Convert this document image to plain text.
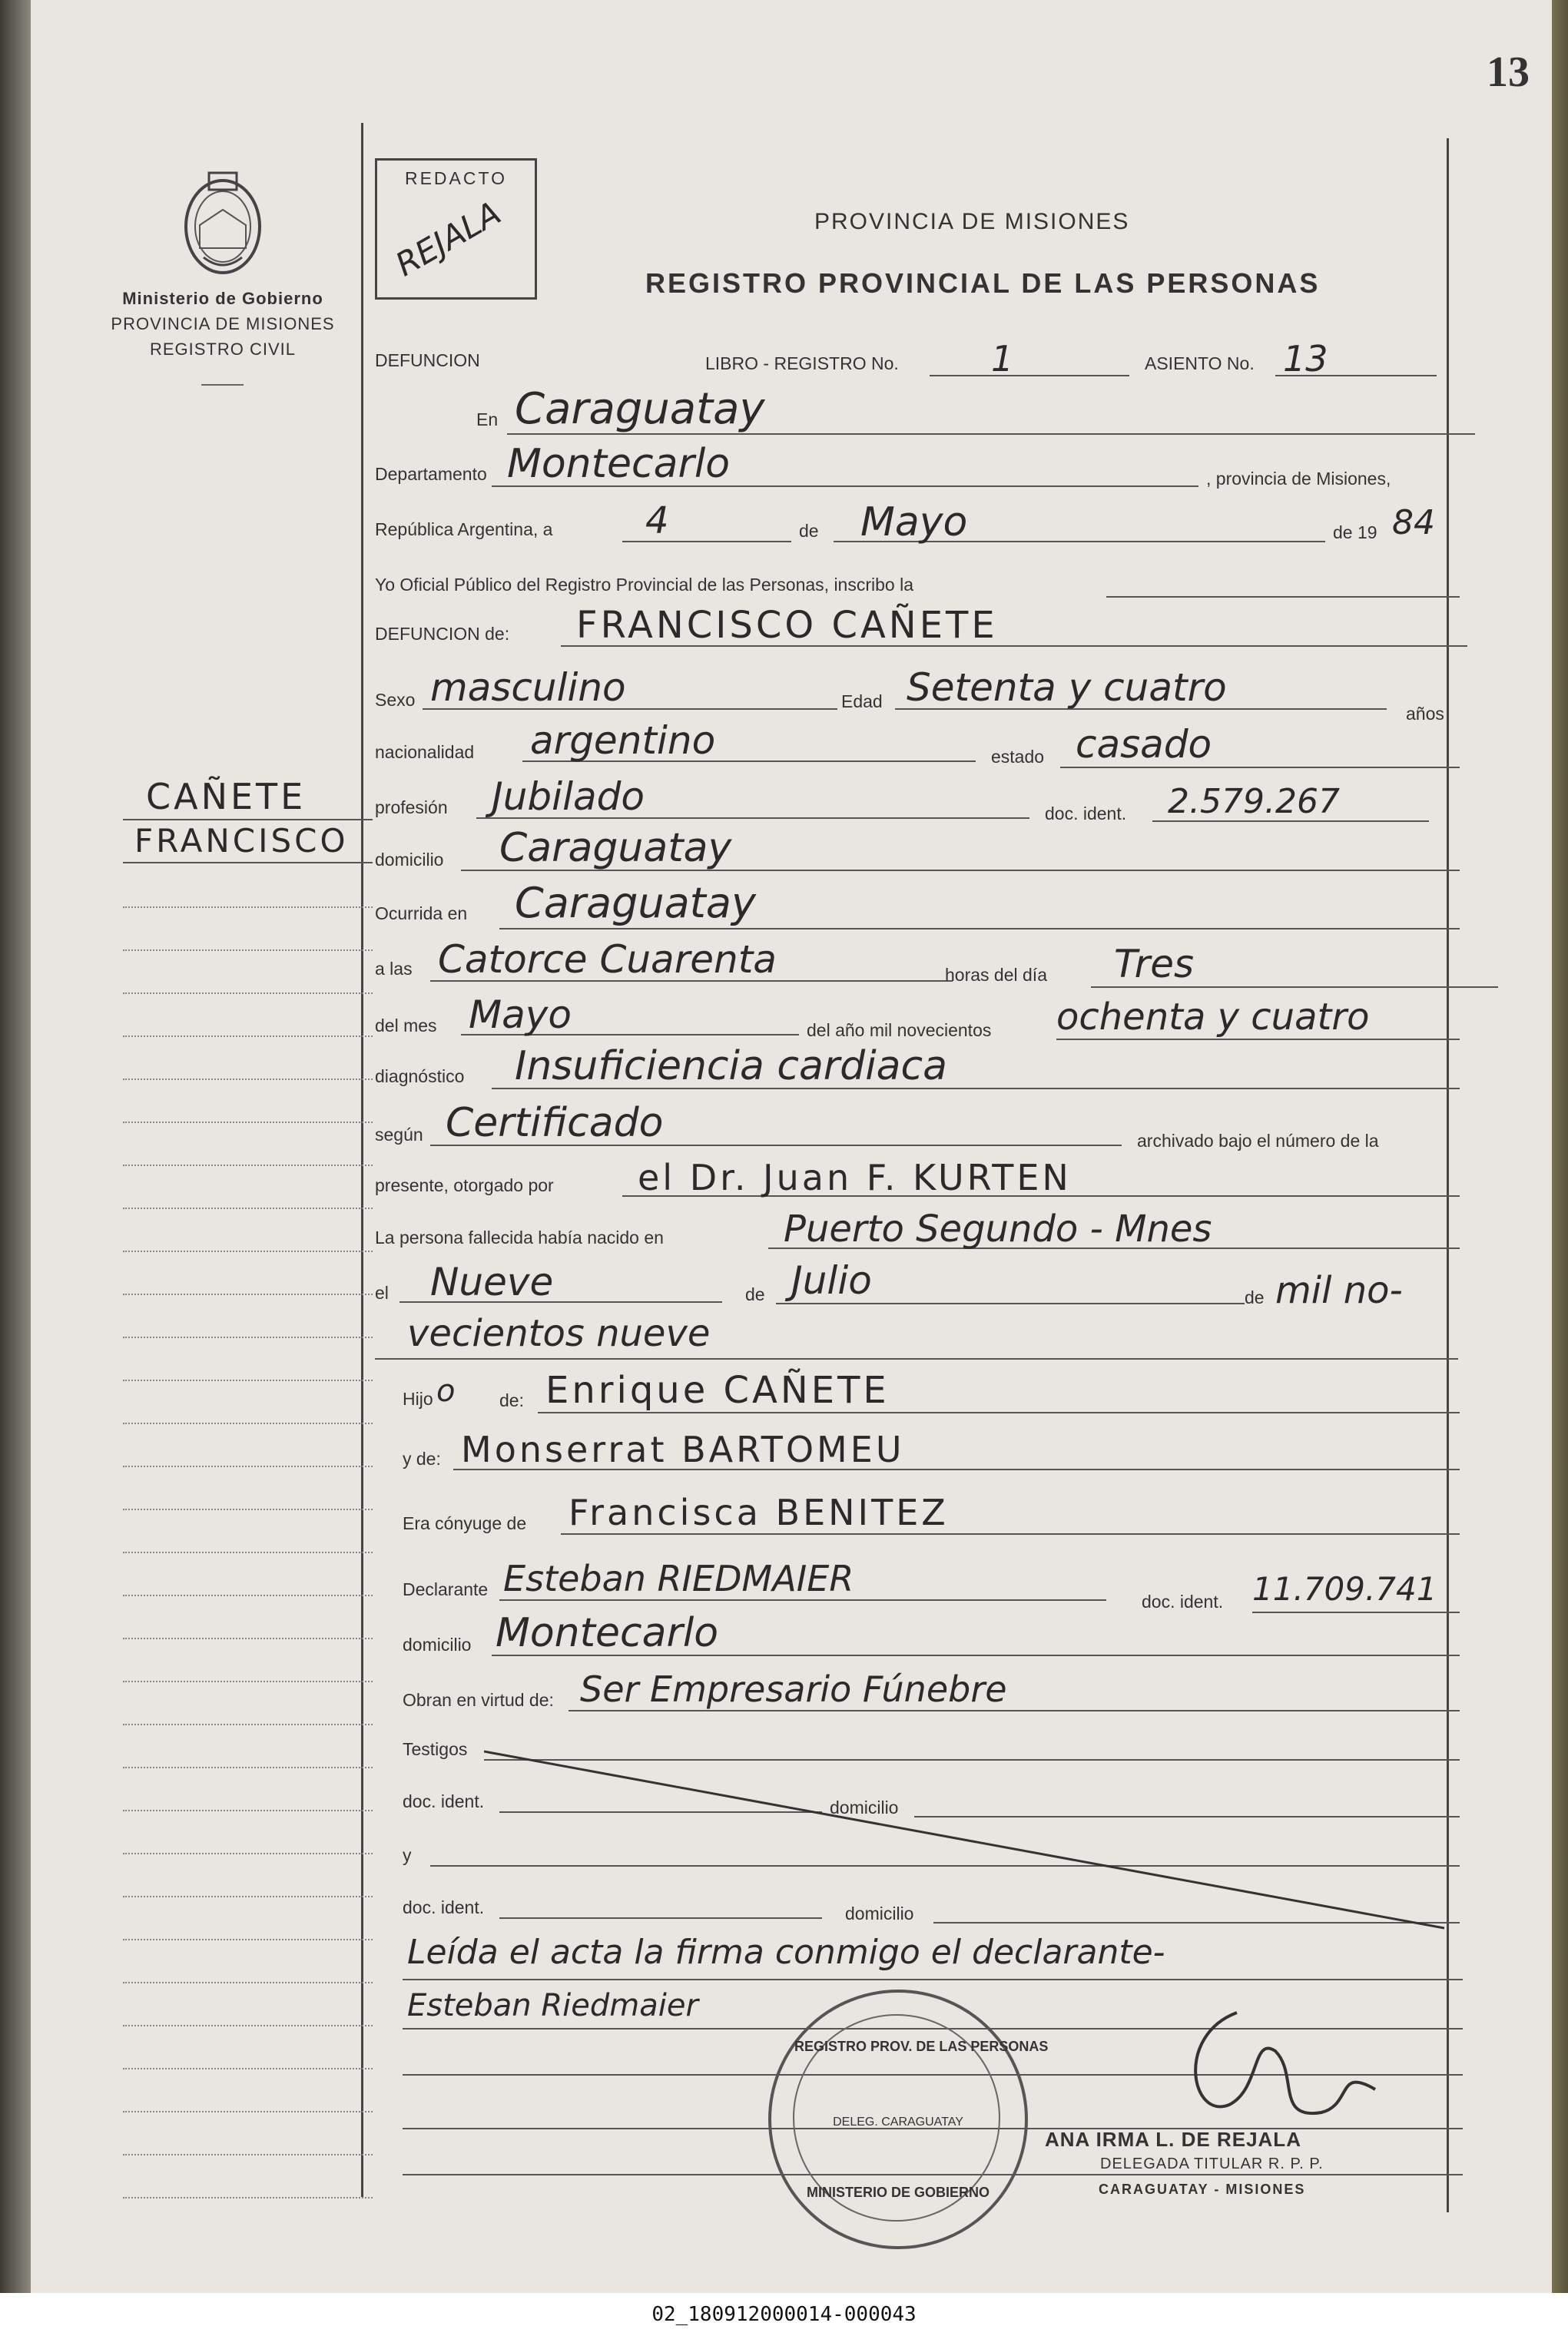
13
Ministerio de Gobierno
PROVINCIA DE MISIONES
REGISTRO CIVIL
REDACTO
REJALA	PROVINCIA DE MISIONES
REGISTRO PROVINCIAL DE LAS PERSONAS
DEFUNCION	LIBRO - REGISTRO No.	1	ASIENTO No. 13
En Caraguatay
Departamento Montecarlo	, provincia de Misiones,
República Argentina, a	4	de Mayo	de 19 84
Yo Oficial Público del Registro Provincial de las Personas, inscribo la
DEFUNCION de: FRANCISCO CAÑETE
Sexo masculino	Edad Setenta y cuatro
años
nacionalidad argentino	estado casado
profesión Jubilado	doc. ident. 2.579.267
domicilio Caraguatay
Ocurrida en Caraguatay
a las Catorce Cuarenta	horas del día Tres
del mes Mayo	del año mil novecientos ochenta y cuatro
diagnóstico Insuficiencia cardiaca
según Certificado	archivado bajo el número de la
presente, otorgado por el Dr. Juan F. KURTEN
La persona fallecida había nacido en	Puerto Segundo - Mnes
el Nueve	de Julio	de mil no-
vecientos nueve
Hijo o	de: Enrique CAÑETE
y de: Monserrat BARTOMEU
Era cónyuge de Francisca BENITEZ
Declarante Esteban RIEDMAIER
doc. ident. 11.709.741
domicilio Montecarlo
Obran en virtud de: Ser Empresario Fúnebre
Testigos
doc. ident.	domicilio
y
doc. ident.	domicilio
Leída el acta la firma conmigo el declarante-
Esteban Riedmaier
REGISTRO PROV. DE LAS PERSONAS
DELEG. CARAGUATAY
MINISTERIO DE GOBIERNO
ANA IRMA L. DE REJALA
DELEGADA TITULAR R. P. P.
CARAGUATAY - MISIONES
CAÑETE
FRANCISCO
02_180912000014-000043
